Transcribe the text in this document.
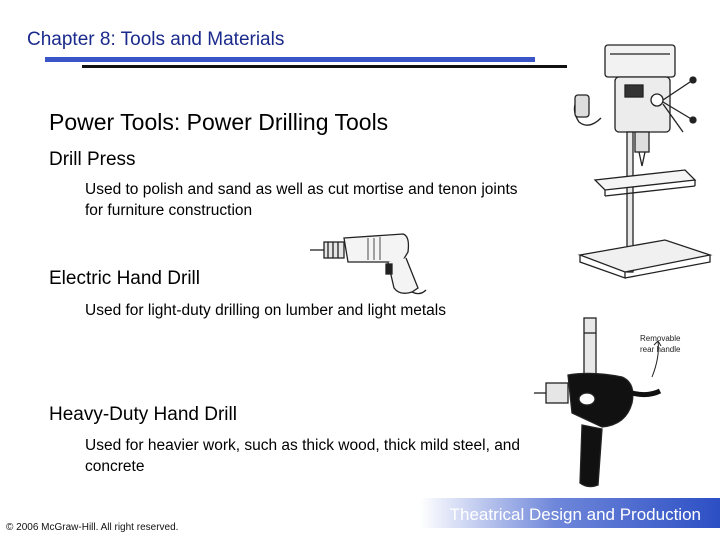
Chapter 8: Tools and Materials
Power Tools: Power Drilling Tools
Drill Press
Used to polish and sand as well as cut mortise and tenon joints for furniture construction
Electric Hand Drill
Used for light-duty drilling on lumber and light metals
Heavy-Duty Hand Drill
Used for heavier work, such as thick wood, thick mild steel, and concrete
Removable
rear handle
Theatrical Design and Production
© 2006 McGraw-Hill. All right reserved.
